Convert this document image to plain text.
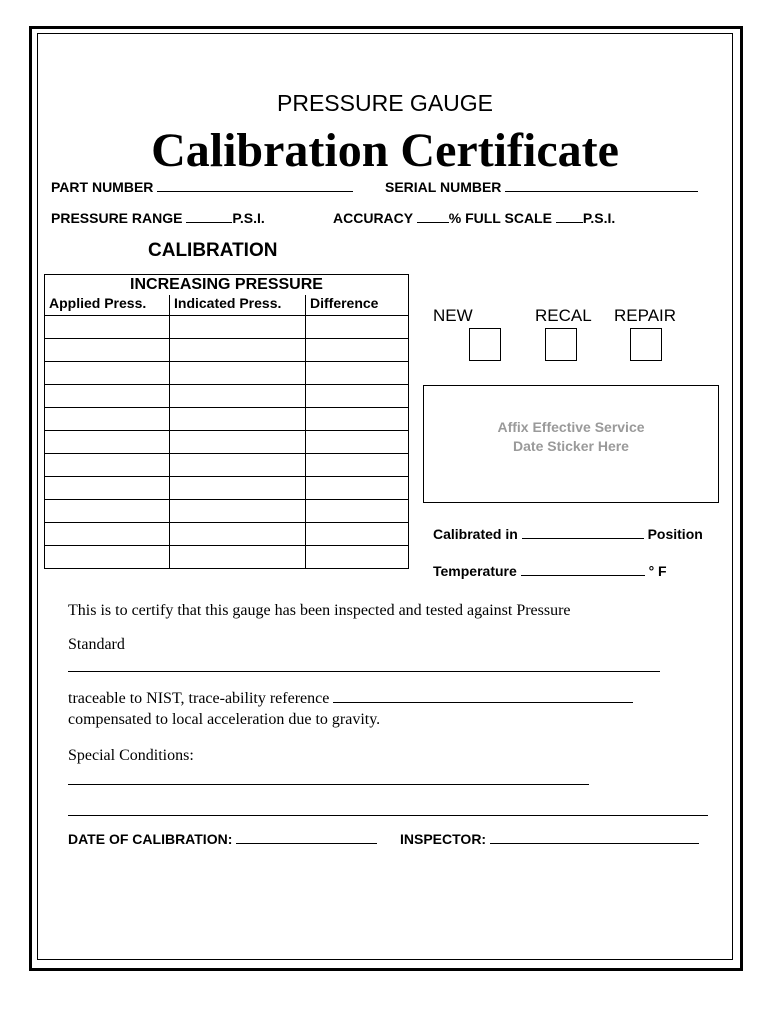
PRESSURE GAUGE
Calibration Certificate
PART NUMBER	SERIAL NUMBER
PRESSURE RANGE	P.S.I.	ACCURACY	% FULL SCALE P.S.I.
CALIBRATION
INCREASING PRESSURE		
Applied Press.	Indicated Press.	Difference

NEW	RECAL REPAIR
Affix Effective Service
Date Sticker Here
Calibrated in	Position
Temperature	° F
This is to certify that this gauge has been inspected and tested against Pressure
Standard
traceable to NIST, trace-ability reference
compensated to local acceleration due to gravity.
Special Conditions:
DATE OF CALIBRATION:	INSPECTOR:
